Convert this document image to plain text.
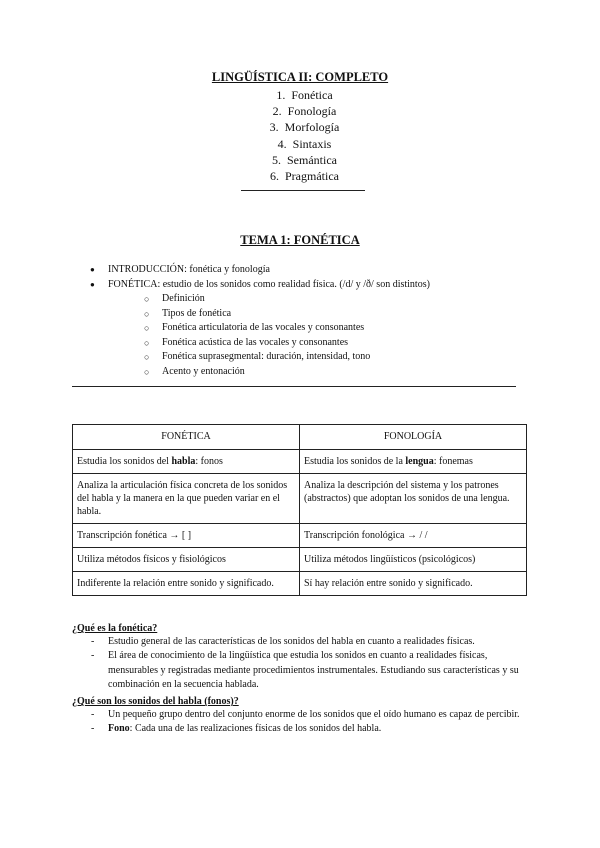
LINGÜÍSTICA II: COMPLETO
1. Fonética
2. Fonología
3. Morfología
4. Sintaxis
5. Semántica
6. Pragmática
TEMA 1: FONÉTICA
● INTRODUCCIÓN: fonética y fonología
● FONÉTICA: estudio de los sonidos como realidad física. (/d/ y /ð/ son distintos)
○ Definición
○ Tipos de fonética
○ Fonética articulatoria de las vocales y consonantes
○ Fonética acústica de las vocales y consonantes
○ Fonética suprasegmental: duración, intensidad, tono
○ Acento y entonación
FONÉTICA	FONOLOGÍA
Estudia los sonidos del habla: fonos	Estudia los sonidos de la lengua: fonemas
Analiza la articulación física concreta de los sonidos del habla y la manera en la que pueden variar en el habla.	Analiza la descripción del sistema y los patrones (abstractos) que adoptan los sonidos de una lengua.
Transcripción fonética → [ ]	Transcripción fonológica → / /
Utiliza métodos físicos y fisiológicos	Utiliza métodos lingüísticos (psicológicos)
Indiferente la relación entre sonido y significado.	Sí hay relación entre sonido y significado.
¿Qué es la fonética?
- Estudio general de las características de los sonidos del habla en cuanto a realidades físicas.
- El área de conocimiento de la lingüística que estudia los sonidos en cuanto a realidades físicas, mensurables y registradas mediante procedimientos instrumentales. Estudiando sus características y su combinación en la secuencia hablada.
¿Qué son los sonidos del habla (fonos)?
- Un pequeño grupo dentro del conjunto enorme de los sonidos que el oído humano es capaz de percibir.
- Fono: Cada una de las realizaciones físicas de los sonidos del habla.
